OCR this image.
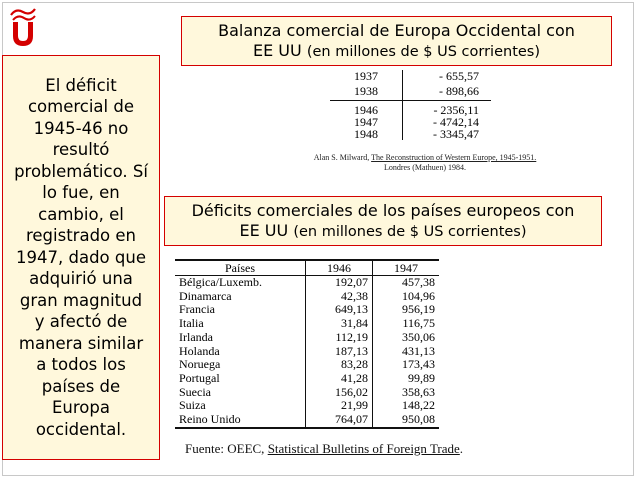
P
F

El déficit
comercial de
1945-46 no
resultó
problemático. Sí
lo fue, en
cambio, el
registrado en
1947, dado que
adquirió una
gran magnitud
y afectó de
manera similar
a todos los
países de
Europa
occidental.

Balanza comercial de Europa Occidental con
EE UU (en millones de $ US corrientes)
1937	- 655,57
1938	- 898,66
1946	- 2356,11
1947	- 4742,14
1948	- 3345,47
Alan S. Milward, The Reconstruction of Western Europe, 1945-1951.
Londres (Mathuen) 1984.
Déficits comerciales de los países europeos con
EE UU (en millones de $ US corrientes)
Países	1946	1947
Bélgica/Luxemb.	192,07	457,38
Dinamarca	42,38	104,96
Francia	649,13	956,19
Italia	31,84	116,75
Irlanda	112,19	350,06
Holanda	187,13	431,13
Noruega	83,28	173,43
Portugal	41,28	99,89
Suecia	156,02	358,63
Suiza	21,99	148,22
Reino Unido	764,07	950,08
Fuente: OEEC, Statistical Bulletins of Foreign Trade.
